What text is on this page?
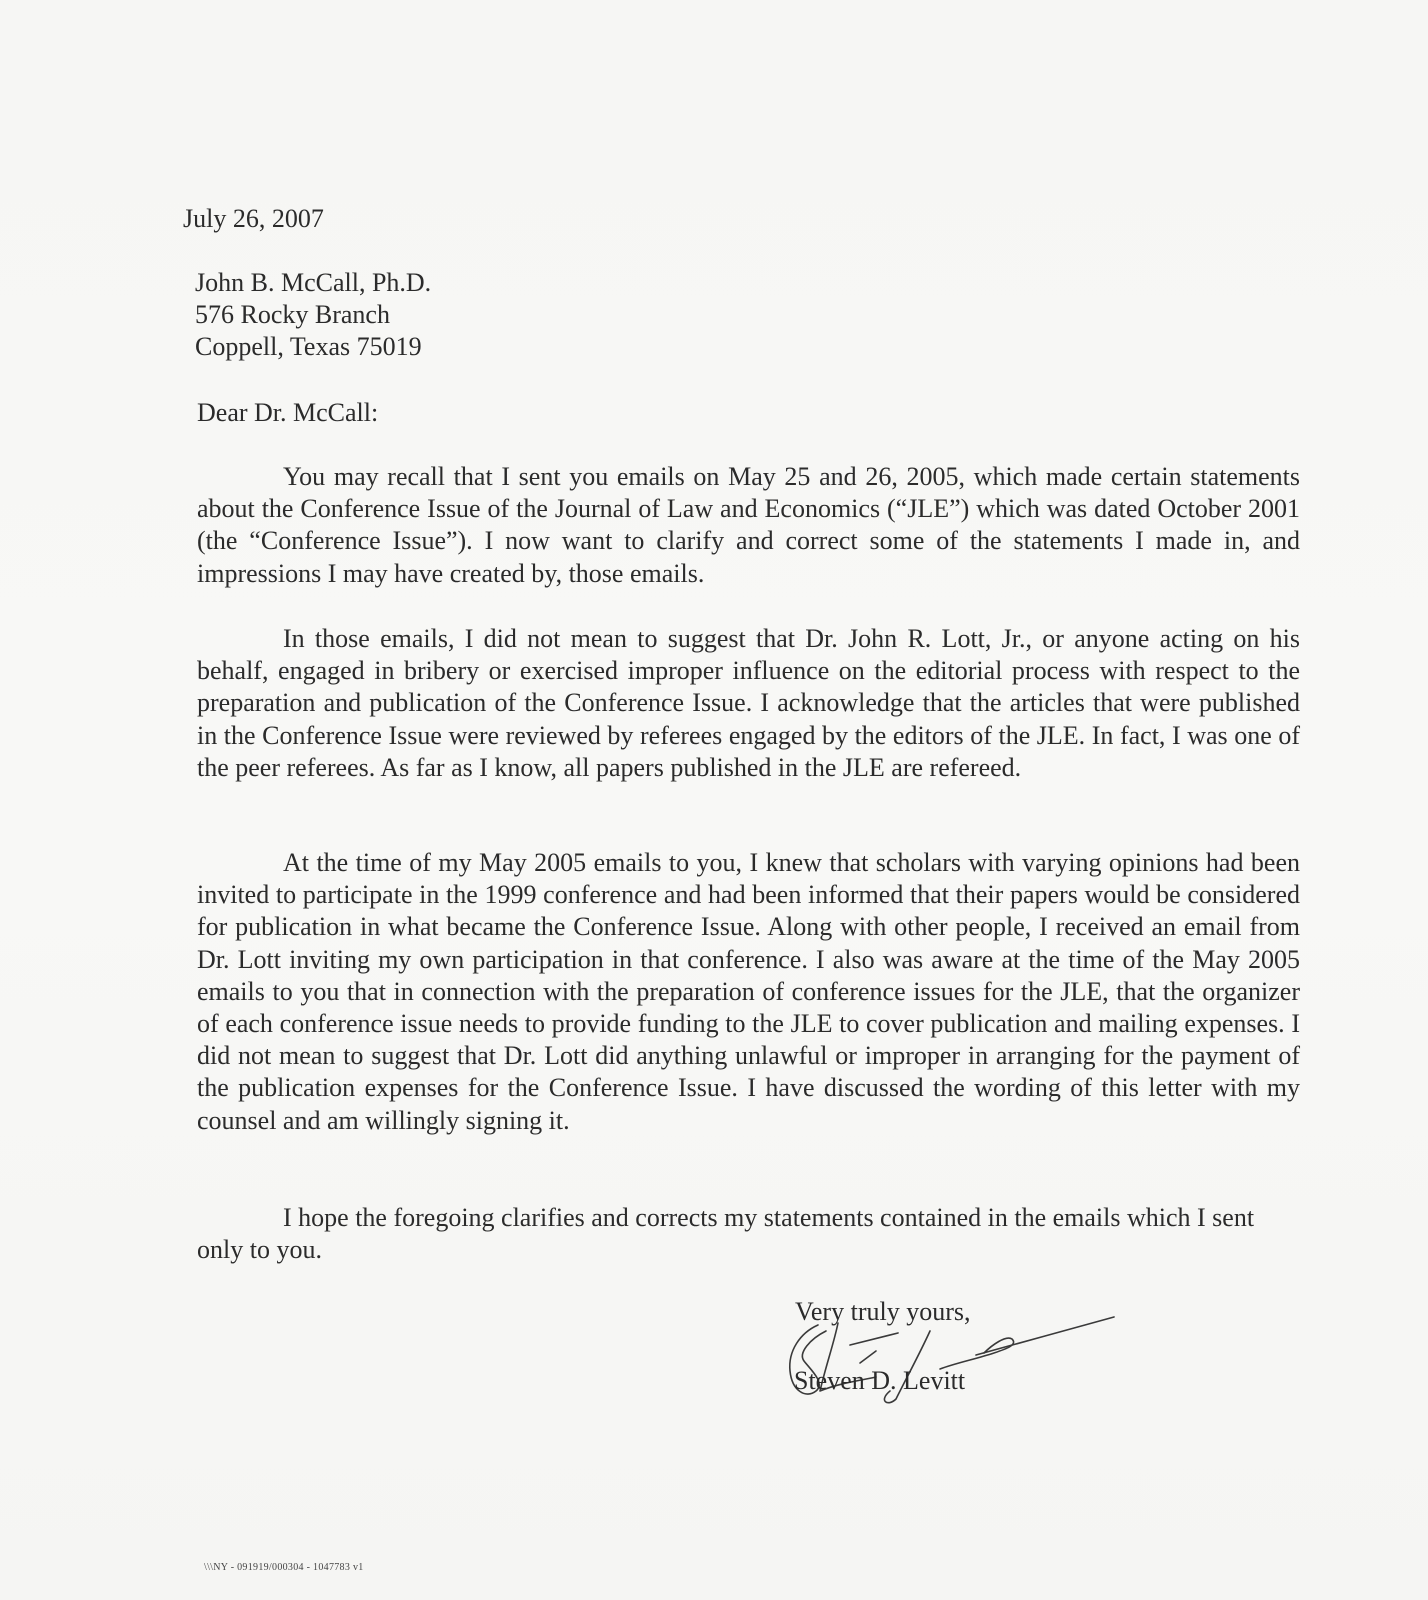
July 26, 2007
John B. McCall, Ph.D.
576 Rocky Branch
Coppell, Texas 75019
Dear Dr. McCall:

You may recall that I sent you emails on May 25 and 26, 2005, which made certain statements about the Conference Issue of the Journal of Law and Economics (“JLE”) which was dated October 2001 (the “Conference Issue”). I now want to clarify and correct some of the statements I made in, and impressions I may have created by, those emails.

In those emails, I did not mean to suggest that Dr. John R. Lott, Jr., or anyone acting on his behalf, engaged in bribery or exercised improper influence on the editorial process with respect to the preparation and publication of the Conference Issue. I acknowledge that the articles that were published in the Conference Issue were reviewed by referees engaged by the editors of the JLE. In fact, I was one of the peer referees. As far as I know, all papers published in the JLE are refereed.

At the time of my May 2005 emails to you, I knew that scholars with varying opinions had been invited to participate in the 1999 conference and had been informed that their papers would be considered for publication in what became the Conference Issue. Along with other people, I received an email from Dr. Lott inviting my own participation in that conference. I also was aware at the time of the May 2005 emails to you that in connection with the preparation of conference issues for the JLE, that the organizer of each conference issue needs to provide funding to the JLE to cover publication and mailing expenses. I did not mean to suggest that Dr. Lott did anything unlawful or improper in arranging for the payment of the publication expenses for the Conference Issue. I have discussed the wording of this letter with my counsel and am willingly signing it.

I hope the foregoing clarifies and corrects my statements contained in the emails which I sent only to you.

Very truly yours,
Steven D. Levitt
\\\NY - 091919/000304 - 1047783 v1
